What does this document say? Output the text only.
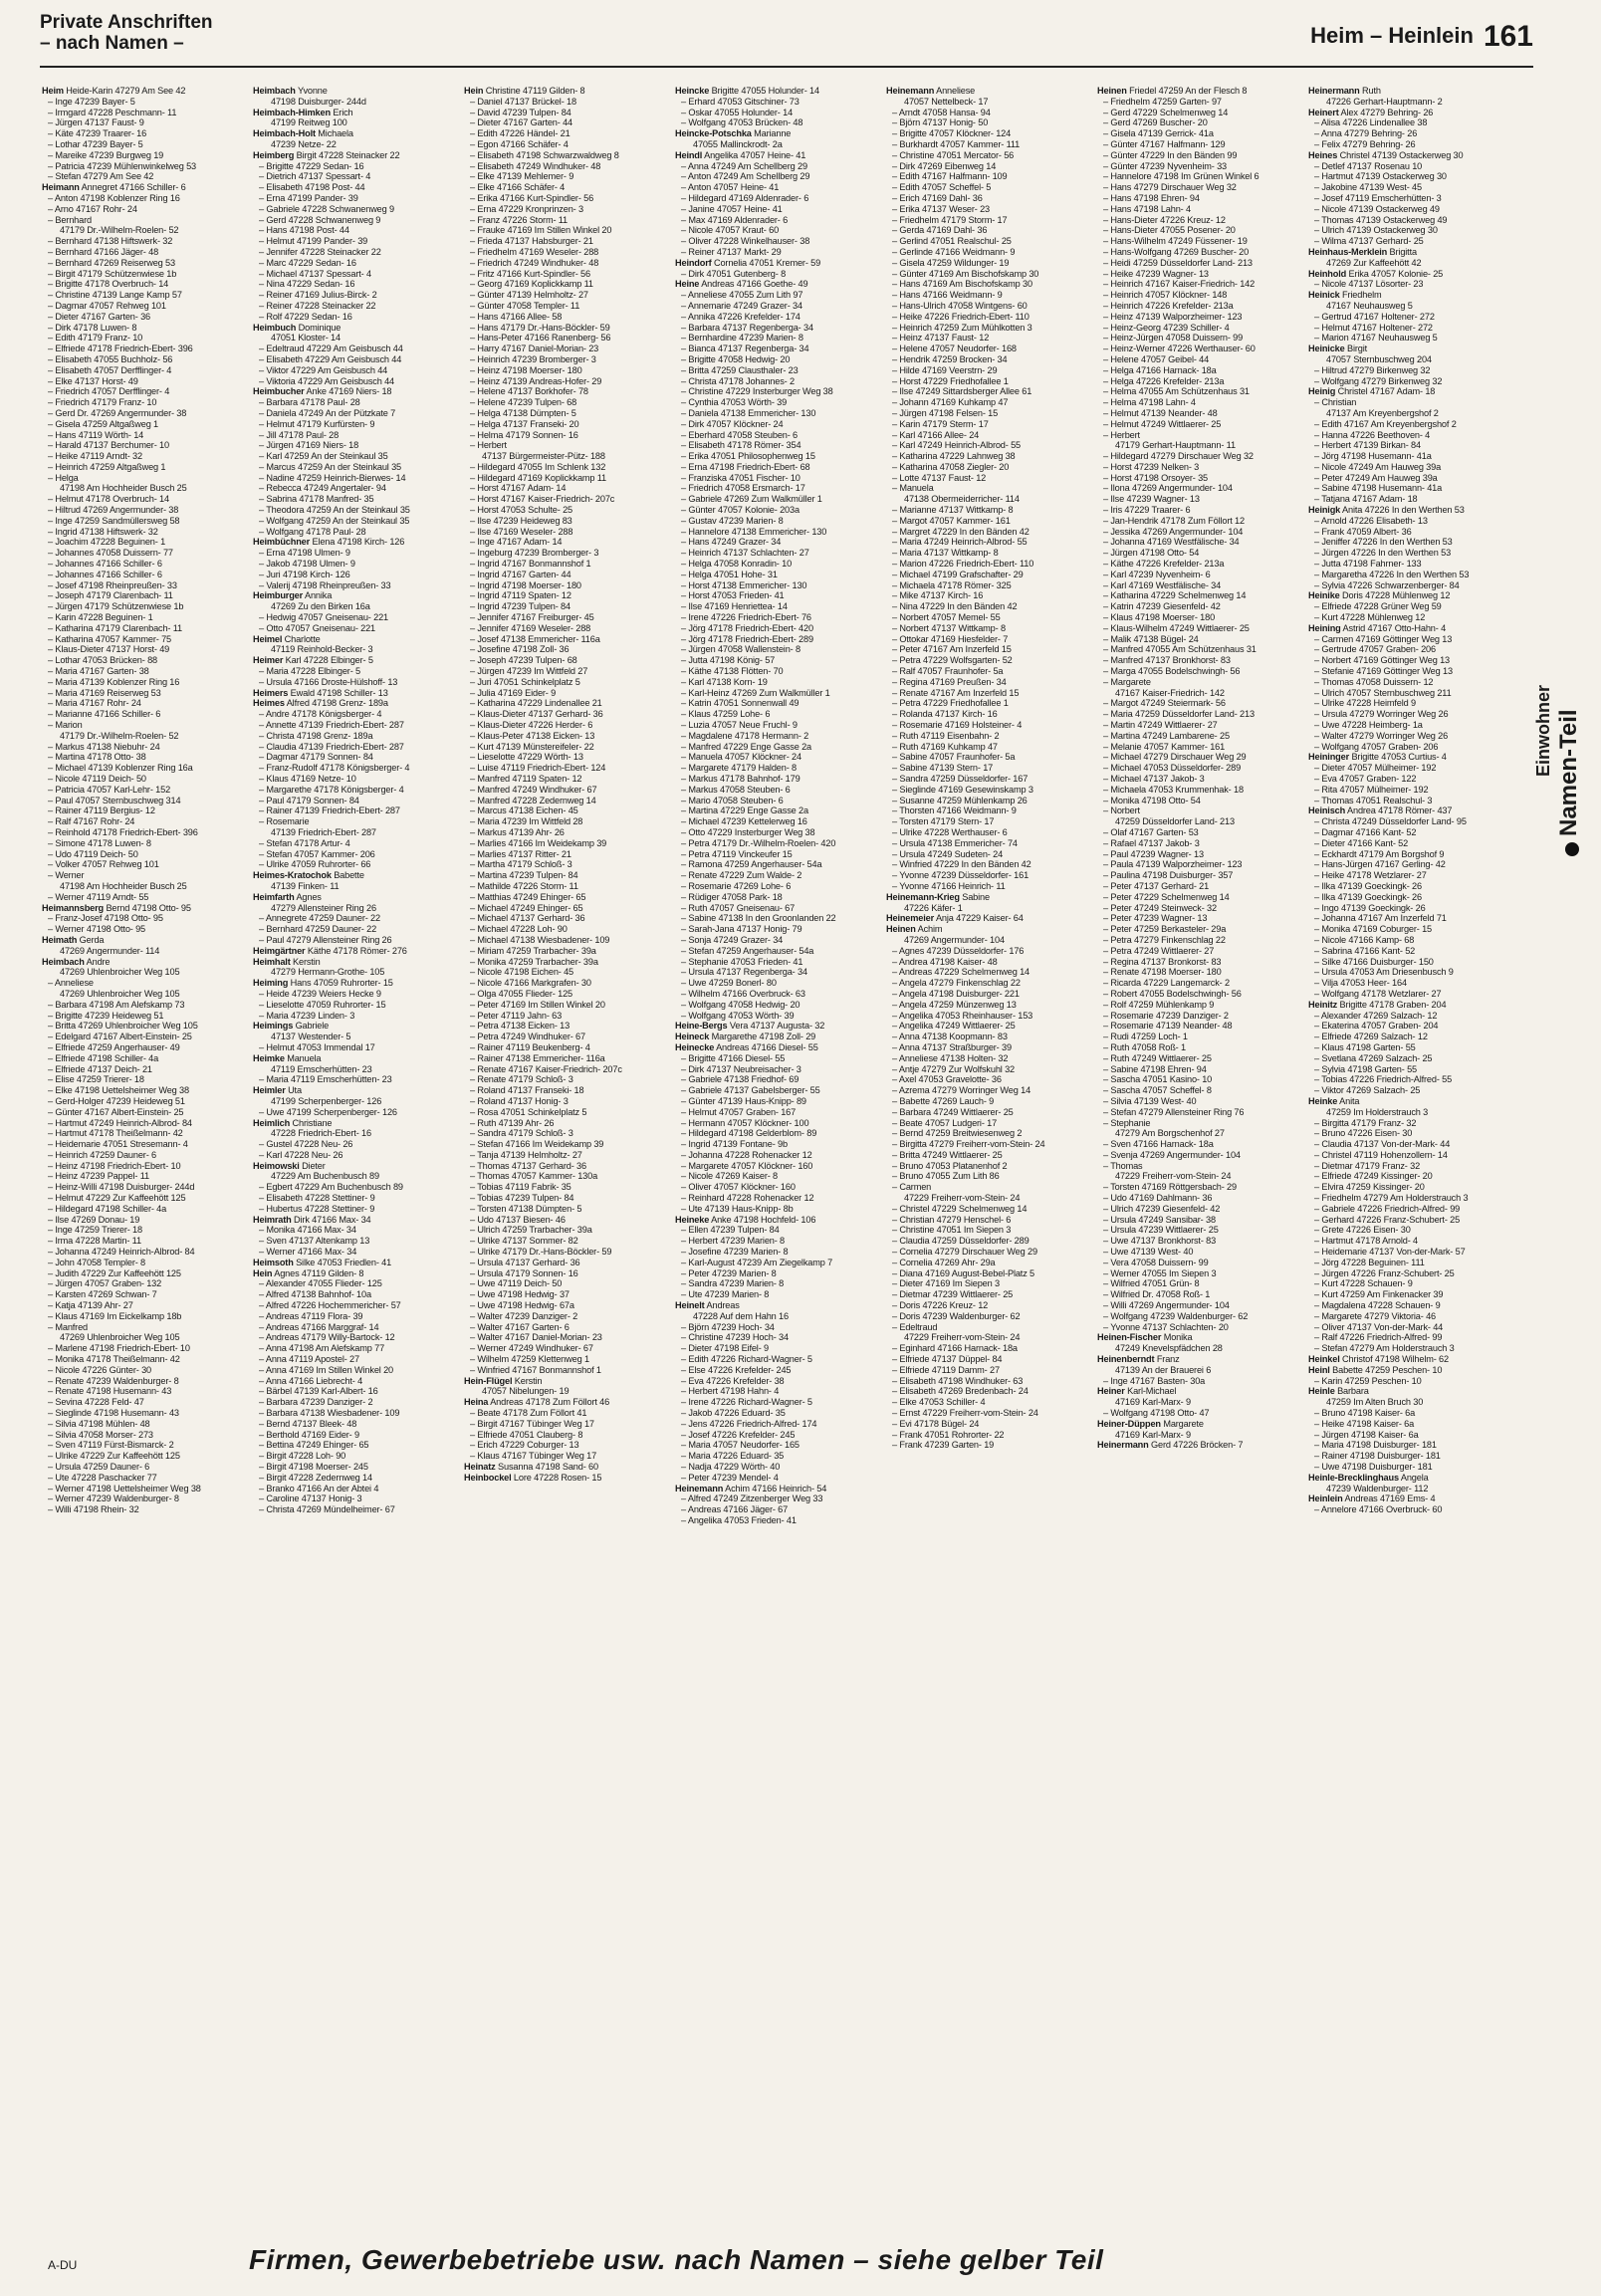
Private Anschriften
– nach Namen –	Heim – Heinlein 161
Heim Heide-Karin 47279 Am See 42
– Inge 47239 Bayer- 5
– Irmgard 47228 Peschmann- 11
– Jürgen 47137 Faust- 9
– Käte 47239 Traarer- 16
– Lothar 47239 Bayer- 5
– Mareike 47239 Burgweg 19
– Patricia 47239 Mühlenwinkelweg 53
– Stefan 47279 Am See 42
Heimann Annegret 47166 Schiller- 6
– Anton 47198 Koblenzer Ring 16
– Arno 47167 Rohr- 24
– Bernhard
47179 Dr.-Wilhelm-Roelen- 52
– Bernhard 47138 Hiftswerk- 32
– Bernhard 47166 Jäger- 48
– Bernhard 47269 Reiserweg 53
– Birgit 47179 Schützenwiese 1b
– Brigitte 47178 Overbruch- 14
– Christine 47139 Lange Kamp 57
– Dagmar 47057 Rehweg 101
– Dieter 47167 Garten- 36
– Dirk 47178 Luwen- 8
– Edith 47179 Franz- 10
– Elfriede 47178 Friedrich-Ebert- 396
– Elisabeth 47055 Buchholz- 56
– Elisabeth 47057 Derfflinger- 4
– Elke 47137 Horst- 49
– Friedrich 47057 Derfflinger- 4
– Friedrich 47179 Franz- 10
– Gerd Dr. 47269 Angermunder- 38
– Gisela 47259 Altgaßweg 1
– Hans 47119 Wörth- 14
– Harald 47137 Berchumer- 10
– Heike 47119 Arndt- 32
– Heinrich 47259 Altgaßweg 1
– Helga
47198 Am Hochheider Busch 25
– Helmut 47178 Overbruch- 14
– Hiltrud 47269 Angermunder- 38
– Inge 47259 Sandmüllersweg 58
– Ingrid 47138 Hiftswerk- 32
– Joachim 47228 Beguinen- 1
– Johannes 47058 Duissern- 77
– Johannes 47166 Schiller- 6
– Johannes 47166 Schiller- 6
– Josef 47198 Rheinpreußen- 33
– Joseph 47179 Clarenbach- 11
– Jürgen 47179 Schützenwiese 1b
– Karin 47228 Beguinen- 1
– Katharina 47179 Clarenbach- 11
– Katharina 47057 Kammer- 75
– Klaus-Dieter 47137 Horst- 49
– Lothar 47053 Brücken- 88
– Maria 47167 Garten- 38
– Maria 47139 Koblenzer Ring 16
– Maria 47169 Reiserweg 53
– Maria 47167 Rohr- 24
– Marianne 47166 Schiller- 6
– Marion
47179 Dr.-Wilhelm-Roelen- 52
– Markus 47138 Niebuhr- 24
– Martina 47178 Otto- 38
– Michael 47139 Koblenzer Ring 16a
– Nicole 47119 Deich- 50
– Patricia 47057 Karl-Lehr- 152
– Paul 47057 Sternbuschweg 314
– Rainer 47119 Bergius- 12
– Ralf 47167 Rohr- 24
– Reinhold 47178 Friedrich-Ebert- 396
– Simone 47178 Luwen- 8
– Udo 47119 Deich- 50
– Volker 47057 Rehweg 101
– Werner
47198 Am Hochheider Busch 25
– Werner 47119 Arndt- 55
Heimannsberg Bernd 47198 Otto- 95
– Franz-Josef 47198 Otto- 95
– Werner 47198 Otto- 95
Heimath Gerda
47269 Angermunder- 114
Heimbach Andre
47269 Uhlenbroicher Weg 105
– Anneliese
47269 Uhlenbroicher Weg 105
– Barbara 47198 Am Alefskamp 73
– Brigitte 47239 Heideweg 51
– Britta 47269 Uhlenbroicher Weg 105
– Edelgard 47167 Albert-Einstein- 25
– Elfriede 47259 Angerhauser- 49
– Elfriede 47198 Schiller- 4a
– Elfriede 47137 Deich- 21
– Elise 47259 Trierer- 18
– Elke 47198 Uettelsheimer Weg 38
– Gerd-Holger 47239 Heideweg 51
– Günter 47167 Albert-Einstein- 25
– Hartmut 47249 Heinrich-Albrod- 84
– Hartmut 47178 Theißelmann- 42
– Heidemarie 47051 Stresemann- 4
– Heinrich 47259 Dauner- 6
– Heinz 47198 Friedrich-Ebert- 10
– Heinz 47239 Pappel- 11
– Heinz-Willi 47198 Duisburger- 244d
– Helmut 47229 Zur Kaffeehött 125
– Hildegard 47198 Schiller- 4a
– Ilse 47269 Donau- 19
– Inge 47259 Trierer- 18
– Irma 47228 Martin- 11
– Johanna 47249 Heinrich-Albrod- 84
– John 47058 Templer- 8
– Judith 47229 Zur Kaffeehött 125
– Jürgen 47057 Graben- 132
– Karsten 47269 Schwan- 7
– Katja 47139 Ahr- 27
– Klaus 47169 Im Eickelkamp 18b
– Manfred
47269 Uhlenbroicher Weg 105
– Marlene 47198 Friedrich-Ebert- 10
– Monika 47178 Theißelmann- 42
– Nicole 47226 Günter- 30
– Renate 47239 Waldenburger- 8
– Renate 47198 Husemann- 43
– Sevina 47228 Feld- 47
– Sieglinde 47198 Husemann- 43
– Silvia 47198 Mühlen- 48
– Silvia 47058 Morser- 273
– Sven 47119 Fürst-Bismarck- 2
– Ulrike 47229 Zur Kaffeehött 125
– Ursula 47259 Dauner- 6
– Ute 47228 Paschacker 77
– Werner 47198 Uettelsheimer Weg 38
– Werner 47239 Waldenburger- 8
– Willi 47198 Rhein- 32
Heimbach Yvonne
47198 Duisburger- 244d
Heimbach-Himken Erich
47199 Reitweg 100
Heimbach-Holt Michaela
47239 Netze- 22
Heimberg Birgit 47228 Steinacker 22
– Brigitte 47229 Sedan- 16
– Dietrich 47137 Spessart- 4
– Elisabeth 47198 Post- 44
– Erna 47199 Pander- 39
– Gabriele 47228 Schwanenweg 9
– Gerd 47228 Schwanenweg 9
– Hans 47198 Post- 44
– Helmut 47199 Pander- 39
– Jennifer 47228 Steinacker 22
– Marc 47229 Sedan- 16
– Michael 47137 Spessart- 4
– Nina 47229 Sedan- 16
– Reiner 47169 Julius-Birck- 2
– Reiner 47228 Steinacker 22
– Rolf 47229 Sedan- 16
Heimbuch Dominique
47051 Kloster- 14
– Edeltraud 47229 Am Geisbusch 44
– Elisabeth 47229 Am Geisbusch 44
– Viktor 47229 Am Geisbusch 44
– Viktoria 47229 Am Geisbusch 44
Heimbucher Anke 47169 Niers- 18
– Barbara 47178 Paul- 28
– Daniela 47249 An der Pützkate 7
– Helmut 47179 Kurfürsten- 9
– Jill 47178 Paul- 28
– Jürgen 47169 Niers- 18
– Karl 47259 An der Steinkaul 35
– Marcus 47259 An der Steinkaul 35
– Nadine 47259 Heinrich-Bierwes- 14
– Rebecca 47249 Angertaler- 94
– Sabrina 47178 Manfred- 35
– Theodora 47259 An der Steinkaul 35
– Wolfgang 47259 An der Steinkaul 35
– Wolfgang 47178 Paul- 28
Heimbüchner Elena 47198 Kirch- 126
– Erna 47198 Ulmen- 9
– Jakob 47198 Ulmen- 9
– Juri 47198 Kirch- 126
– Valerij 47198 Rheinpreußen- 33
Heimburger Annika
47269 Zu den Birken 16a
– Hedwig 47057 Gneisenau- 221
– Otto 47057 Gneisenau- 221
Heimel Charlotte
47119 Reinhold-Becker- 3
Heimer Karl 47228 Elbinger- 5
– Maria 47228 Elbinger- 5
– Ursula 47166 Droste-Hülshoff- 13
Heimers Ewald 47198 Schiller- 13
Heimes Alfred 47198 Grenz- 189a
– Andre 47178 Königsberger- 4
– Annette 47139 Friedrich-Ebert- 287
– Christa 47198 Grenz- 189a
– Claudia 47139 Friedrich-Ebert- 287
– Dagmar 47179 Sonnen- 84
– Franz-Rudolf 47178 Königsberger- 4
– Klaus 47169 Netze- 10
– Margarethe 47178 Königsberger- 4
– Paul 47179 Sonnen- 84
– Rainer 47139 Friedrich-Ebert- 287
– Rosemarie
47139 Friedrich-Ebert- 287
– Stefan 47178 Artur- 4
– Stefan 47057 Kammer- 206
– Ulrike 47059 Ruhrorter- 66
Heimes-Kratochok Babette
47139 Finken- 11
Heimfarth Agnes
47279 Allensteiner Ring 26
– Annegrete 47259 Dauner- 22
– Bernhard 47259 Dauner- 22
– Paul 47279 Allensteiner Ring 26
Heimgärtner Käthe 47178 Römer- 276
Heimhalt Kerstin
47279 Hermann-Grothe- 105
Heiming Hans 47059 Ruhrorter- 15
– Heide 47239 Weiers Hecke 9
– Lieselotte 47059 Ruhrorter- 15
– Maria 47239 Linden- 3
Heimings Gabriele
47137 Westender- 5
– Helmut 47053 Immendal 17
Heimke Manuela
47119 Emscherhütten- 23
– Maria 47119 Emscherhütten- 23
Heimler Uta
47199 Scherpenberger- 126
– Uwe 47199 Scherpenberger- 126
Heimlich Christiane
47228 Friedrich-Ebert- 16
– Gustel 47228 Neu- 26
– Karl 47228 Neu- 26
Heimowski Dieter
47229 Am Buchenbusch 89
– Egbert 47229 Am Buchenbusch 89
– Elisabeth 47228 Stettiner- 9
– Hubertus 47228 Stettiner- 9
Heimrath Dirk 47166 Max- 34
– Monika 47166 Max- 34
– Sven 47137 Altenkamp 13
– Werner 47166 Max- 34
Heimsoth Silke 47053 Friedlen- 41
Hein Agnes 47119 Gilden- 8
– Alexander 47055 Flieder- 125
– Alfred 47138 Bahnhof- 10a
– Alfred 47226 Hochemmericher- 57
– Andreas 47119 Flora- 39
– Andreas 47166 Marggraf- 14
– Andreas 47179 Willy-Bartock- 12
– Anna 47198 Am Alefskamp 77
– Anna 47119 Apostel- 27
– Anna 47169 Im Stillen Winkel 20
– Anna 47166 Liebrecht- 4
– Bärbel 47139 Karl-Albert- 16
– Barbara 47239 Danziger- 2
– Barbara 47138 Wiesbadener- 109
– Bernd 47137 Bleek- 48
– Berthold 47169 Eider- 9
– Bettina 47249 Ehinger- 65
– Birgit 47228 Loh- 90
– Birgit 47198 Moerser- 245
– Birgit 47228 Zedernweg 14
– Branko 47166 An der Abtei 4
– Caroline 47137 Honig- 3
– Christa 47269 Mündelheimer- 67
Hein Christine 47119 Gilden- 8
– Daniel 47137 Brückel- 18
– David 47239 Tulpen- 84
– Dieter 47167 Garten- 44
– Edith 47226 Händel- 21
– Egon 47166 Schäfer- 4
– Elisabeth 47198 Schwarzwaldweg 8
– Elisabeth 47249 Windhuker- 48
– Elke 47139 Mehlemer- 9
– Elke 47166 Schäfer- 4
– Erika 47166 Kurt-Spindler- 56
– Erna 47229 Kronprinzen- 3
– Franz 47226 Storm- 11
– Frauke 47169 Im Stillen Winkel 20
– Frieda 47137 Habsburger- 21
– Friedhelm 47169 Weseler- 288
– Friedrich 47249 Windhuker- 48
– Fritz 47166 Kurt-Spindler- 56
– Georg 47169 Koplickkamp 11
– Günter 47139 Helmholtz- 27
– Günter 47058 Templer- 11
– Hans 47166 Allee- 58
– Hans 47179 Dr.-Hans-Böckler- 59
– Hans-Peter 47166 Ranenberg- 56
– Harry 47167 Daniel-Morian- 23
– Heinrich 47239 Bromberger- 3
– Heinz 47198 Moerser- 180
– Heinz 47139 Andreas-Hofer- 29
– Helene 47137 Borkhofer- 78
– Helene 47239 Tulpen- 68
– Helga 47138 Dümpten- 5
– Helga 47137 Franseki- 20
– Helma 47179 Sonnen- 16
– Herbert
47137 Bürgermeister-Pütz- 188
– Hildegard 47055 Im Schlenk 132
– Hildegard 47169 Koplickkamp 11
– Horst 47167 Adam- 14
– Horst 47167 Kaiser-Friedrich- 207c
– Horst 47053 Schulte- 25
– Ilse 47239 Heideweg 83
– Ilse 47169 Weseler- 288
– Inge 47167 Adam- 14
– Ingeburg 47239 Bromberger- 3
– Ingrid 47167 Bonmannshof 1
– Ingrid 47167 Garten- 44
– Ingrid 47198 Moerser- 180
– Ingrid 47119 Spaten- 12
– Ingrid 47239 Tulpen- 84
– Jennifer 47167 Freiburger- 45
– Jennifer 47169 Weseler- 288
– Josef 47138 Emmericher- 116a
– Josefine 47198 Zoll- 36
– Joseph 47239 Tulpen- 68
– Jürgen 47239 Im Wittfeld 27
– Juri 47051 Schinkelplatz 5
– Julia 47169 Eider- 9
– Katharina 47229 Lindenallee 21
– Klaus-Dieter 47137 Gerhard- 36
– Klaus-Dieter 47226 Herder- 6
– Klaus-Peter 47138 Eicken- 13
– Kurt 47139 Münstereifeler- 22
– Lieselotte 47229 Wörth- 13
– Luise 47119 Friedrich-Ebert- 124
– Manfred 47119 Spaten- 12
– Manfred 47249 Windhuker- 67
– Manfred 47228 Zedernweg 14
– Marcus 47138 Eichen- 45
– Maria 47239 Im Wittfeld 28
– Markus 47139 Ahr- 26
– Marlies 47166 Im Weidekamp 39
– Marlies 47137 Ritter- 21
– Martha 47179 Schloß- 3
– Martina 47239 Tulpen- 84
– Mathilde 47226 Storm- 11
– Matthias 47249 Ehinger- 65
– Michael 47249 Ehinger- 65
– Michael 47137 Gerhard- 36
– Michael 47228 Loh- 90
– Michael 47138 Wiesbadener- 109
– Miriam 47259 Trarbacher- 39a
– Monika 47259 Trarbacher- 39a
– Nicole 47198 Eichen- 45
– Nicole 47166 Markgrafen- 30
– Olga 47055 Flieder- 125
– Peter 47169 Im Stillen Winkel 20
– Peter 47119 Jahn- 63
– Petra 47138 Eicken- 13
– Petra 47249 Windhuker- 67
– Rainer 47119 Beukenberg- 4
– Rainer 47138 Emmericher- 116a
– Renate 47167 Kaiser-Friedrich- 207c
– Renate 47179 Schloß- 3
– Roland 47137 Franseki- 18
– Roland 47137 Honig- 3
– Rosa 47051 Schinkelplatz 5
– Ruth 47139 Ahr- 26
– Sandra 47179 Schloß- 3
– Stefan 47166 Im Weidekamp 39
– Tanja 47139 Helmholtz- 27
– Thomas 47137 Gerhard- 36
– Thomas 47057 Kammer- 130a
– Tobias 47119 Fabrik- 35
– Tobias 47239 Tulpen- 84
– Torsten 47138 Dümpten- 5
– Udo 47137 Biesen- 46
– Ulrich 47259 Trarbacher- 39a
– Ulrike 47137 Sommer- 82
– Ulrike 47179 Dr.-Hans-Böckler- 59
– Ursula 47137 Gerhard- 36
– Ursula 47179 Sonnen- 16
– Uwe 47119 Deich- 50
– Uwe 47198 Hedwig- 37
– Uwe 47198 Hedwig- 67a
– Walter 47239 Danziger- 2
– Walter 47167 Garten- 6
– Walter 47167 Daniel-Morian- 23
– Werner 47249 Windhuker- 67
– Wilhelm 47259 Klettenweg 1
– Winfried 47167 Bonmannshof 1
Hein-Flügel Kerstin
47057 Nibelungen- 19
Heina Andreas 47178 Zum Föllort 46
– Beate 47178 Zum Föllort 41
– Birgit 47167 Tübinger Weg 17
– Elfriede 47051 Clauberg- 8
– Erich 47229 Coburger- 13
– Klaus 47167 Tübinger Weg 17
Heinatz Susanna 47198 Sand- 60
Heinbockel Lore 47228 Rosen- 15
Heincke Brigitte 47055 Holunder- 14
– Erhard 47053 Gitschiner- 73
– Oskar 47055 Holunder- 14
– Wolfgang 47053 Brücken- 48
Heincke-Potschka Marianne
47055 Mallinckrodt- 2a
Heindl Angelika 47057 Heine- 41
– Anna 47249 Am Schellberg 29
– Anton 47249 Am Schellberg 29
– Anton 47057 Heine- 41
– Hildegard 47169 Aldenrader- 6
– Janine 47057 Heine- 41
– Max 47169 Aldenrader- 6
– Nicole 47057 Kraut- 60
– Oliver 47228 Winkelhauser- 38
– Reiner 47137 Markt- 29
Heindorf Cornelia 47051 Kremer- 59
– Dirk 47051 Gutenberg- 8
Heine Andreas 47166 Goethe- 49
– Anneliese 47055 Zum Lith 97
– Annemarie 47249 Grazer- 34
– Annika 47226 Krefelder- 174
– Barbara 47137 Regenberga- 34
– Bernhardine 47239 Marien- 8
– Bianca 47137 Regenberga- 34
– Brigitte 47058 Hedwig- 20
– Britta 47259 Clausthaler- 23
– Christa 47178 Johannes- 2
– Christine 47229 Insterburger Weg 38
– Cynthia 47053 Wörth- 39
– Daniela 47138 Emmericher- 130
– Dirk 47057 Klöckner- 24
– Eberhard 47058 Steuben- 6
– Elisabeth 47178 Römer- 354
– Erika 47051 Philosophenweg 15
– Erna 47198 Friedrich-Ebert- 68
– Franziska 47051 Fischer- 10
– Friedrich 47058 Ersmarch- 17
– Gabriele 47269 Zum Walkmüller 1
– Günter 47057 Kolonie- 203a
– Gustav 47239 Marien- 8
– Hannelore 47138 Emmericher- 130
– Hans 47249 Grazer- 34
– Heinrich 47137 Schlachten- 27
– Helga 47058 Konradin- 10
– Helga 47051 Hohe- 31
– Horst 47138 Emmericher- 130
– Horst 47053 Frieden- 41
– Ilse 47169 Henriettea- 14
– Irene 47226 Friedrich-Ebert- 76
– Jörg 47178 Friedrich-Ebert- 420
– Jörg 47178 Friedrich-Ebert- 289
– Jürgen 47058 Wallenstein- 8
– Jutta 47198 König- 57
– Käthe 47138 Flötten- 70
– Karl 47138 Korn- 19
– Karl-Heinz 47269 Zum Walkmüller 1
– Katrin 47051 Sonnenwall 49
– Klaus 47259 Lohe- 6
– Luzia 47057 Neue Fruchl- 9
– Magdalene 47178 Hermann- 2
– Manfred 47229 Enge Gasse 2a
– Manuela 47057 Klöckner- 24
– Margarete 47179 Halden- 8
– Markus 47178 Bahnhof- 179
– Markus 47058 Steuben- 6
– Mario 47058 Steuben- 6
– Martina 47229 Enge Gasse 2a
– Michael 47239 Kettelerweg 16
– Otto 47229 Insterburger Weg 38
– Petra 47179 Dr.-Wilhelm-Roelen- 420
– Petra 47119 Vinckeufer 15
– Ramona 47259 Angerhauser- 54a
– Renate 47229 Zum Walde- 2
– Rosemarie 47269 Lohe- 6
– Rüdiger 47058 Park- 18
– Ruth 47057 Gneisenau- 67
– Sabine 47138 In den Groonlanden 22
– Sarah-Jana 47137 Honig- 79
– Sonja 47249 Grazer- 34
– Stefan 47259 Angerhauser- 54a
– Stephanie 47053 Frieden- 41
– Ursula 47137 Regenberga- 34
– Uwe 47259 Bonerl- 80
– Wilhelm 47166 Overbruck- 63
– Wolfgang 47058 Hedwig- 20
– Wolfgang 47053 Wörth- 39
Heine-Bergs Vera 47137 Augusta- 32
Heineck Margarethe 47198 Zoll- 29
Heinecke Andreas 47166 Diesel- 55
– Brigitte 47166 Diesel- 55
– Dirk 47137 Neubreisacher- 3
– Gabriele 47138 Friedhof- 69
– Gabriele 47137 Gabelsberger- 55
– Günter 47139 Haus-Knipp- 89
– Helmut 47057 Graben- 167
– Hermann 47057 Klöckner- 100
– Hildegard 47198 Gelderblom- 89
– Ingrid 47139 Fontane- 9b
– Johanna 47228 Rohenacker 12
– Margarete 47057 Klöckner- 160
– Nicole 47269 Kaiser- 8
– Oliver 47057 Klöckner- 160
– Reinhard 47228 Rohenacker 12
– Ute 47139 Haus-Knipp- 8b
Heineke Anke 47198 Hochfeld- 106
– Ellen 47239 Tulpen- 84
– Herbert 47239 Marien- 8
– Josefine 47239 Marien- 8
– Karl-August 47239 Am Ziegelkamp 7
– Peter 47239 Marien- 8
– Sandra 47239 Marien- 8
– Ute 47239 Marien- 8
Heinelt Andreas
47228 Auf dem Hahn 16
– Björn 47239 Hoch- 34
– Christine 47239 Hoch- 34
– Dieter 47198 Eifel- 9
– Edith 47226 Richard-Wagner- 5
– Else 47226 Krefelder- 245
– Eva 47226 Krefelder- 38
– Herbert 47198 Hahn- 4
– Irene 47226 Richard-Wagner- 5
– Jakob 47226 Eduard- 35
– Jens 47226 Friedrich-Alfred- 174
– Josef 47226 Krefelder- 245
– Maria 47057 Neudorfer- 165
– Maria 47226 Eduard- 35
– Nadja 47229 Wörth- 40
– Peter 47239 Mendel- 4
Heinemann Achim 47166 Heinrich- 54
– Alfred 47249 Zitzenberger Weg 33
– Andreas 47166 Jäger- 67
– Angelika 47053 Frieden- 41
Heinemann Anneliese
47057 Nettelbeck- 17
– Arndt 47058 Hansa- 94
– Björn 47137 Honig- 50
– Brigitte 47057 Klöckner- 124
– Burkhardt 47057 Kammer- 111
– Christine 47051 Mercator- 56
– Dirk 47269 Eibenweg 14
– Edith 47167 Halfmann- 109
– Edith 47057 Scheffel- 5
– Erich 47169 Dahl- 36
– Erika 47137 Weser- 23
– Friedhelm 47179 Storm- 17
– Gerda 47169 Dahl- 36
– Gerlind 47051 Realschul- 25
– Gerlinde 47166 Weidmann- 9
– Gisela 47259 Wildunger- 19
– Günter 47169 Am Bischofskamp 30
– Hans 47169 Am Bischofskamp 30
– Hans 47166 Weidmann- 9
– Hans-Ulrich 47058 Wintgens- 60
– Heike 47226 Friedrich-Ebert- 110
– Heinrich 47259 Zum Mühlkotten 3
– Heinz 47137 Faust- 12
– Helene 47057 Neudorfer- 168
– Hendrik 47259 Brocken- 34
– Hilde 47169 Veerstrn- 29
– Horst 47229 Friedhofallee 1
– Ilse 47249 Sittardsberger Allee 61
– Johann 47169 Kuhkamp 47
– Jürgen 47198 Felsen- 15
– Karin 47179 Sterm- 17
– Karl 47166 Allee- 24
– Karl 47249 Heinrich-Albrod- 55
– Katharina 47229 Lahnweg 38
– Katharina 47058 Ziegler- 20
– Lotte 47137 Faust- 12
– Manuela
47138 Obermeiderricher- 114
– Marianne 47137 Wittkamp- 8
– Margot 47057 Kammer- 161
– Margret 47229 In den Bänden 42
– Maria 47249 Heinrich-Albrod- 55
– Maria 47137 Wittkamp- 8
– Marion 47226 Friedrich-Ebert- 110
– Michael 47199 Grafschafter- 29
– Michaela 47178 Römer- 325
– Mike 47137 Kirch- 16
– Nina 47229 In den Bänden 42
– Norbert 47057 Memel- 55
– Norbert 47137 Wittkamp- 8
– Ottokar 47169 Hiesfelder- 7
– Peter 47167 Am Inzerfeld 15
– Petra 47229 Wolfsgarten- 52
– Ralf 47057 Fraunhofer- 5a
– Regina 47169 Preußen- 34
– Renate 47167 Am Inzerfeld 15
– Petra 47229 Friedhofallee 1
– Rolanda 47137 Kirch- 16
– Rosemarie 47169 Holsteiner- 4
– Ruth 47119 Eisenbahn- 2
– Ruth 47169 Kuhkamp 47
– Sabine 47057 Fraunhofer- 5a
– Sabine 47139 Stern- 17
– Sandra 47259 Düsseldorfer- 167
– Sieglinde 47169 Gesewinskamp 3
– Susanne 47259 Mühlenkamp 26
– Thorsten 47166 Weidmann- 9
– Torsten 47179 Stern- 17
– Ulrike 47228 Werthauser- 6
– Ursula 47138 Emmericher- 74
– Ursula 47249 Sudeten- 24
– Winfried 47229 In den Bänden 42
– Yvonne 47239 Düsseldorfer- 161
– Yvonne 47166 Heinrich- 11
Heinemann-Krieg Sabine
47226 Käfer- 1
Heinemeier Anja 47229 Kaiser- 64
Heinen Achim
47269 Angermunder- 104
– Agnes 47239 Düsseldorfer- 176
– Andrea 47198 Kaiser- 48
– Andreas 47229 Schelmenweg 14
– Angela 47279 Finkenschlag 22
– Angela 47198 Duisburger- 221
– Angela 47259 Münzenweg 13
– Angelika 47053 Rheinhauser- 153
– Angelika 47249 Wittlaerer- 25
– Anna 47138 Koopmann- 83
– Anna 47137 Straßburger- 39
– Anneliese 47138 Holten- 32
– Antje 47279 Zur Wolfskuhl 32
– Axel 47053 Gravelotte- 36
– Azrema 47279 Worringer Weg 14
– Babette 47269 Lauch- 9
– Barbara 47249 Wittlaerer- 25
– Beate 47057 Ludgeri- 17
– Bernd 47259 Breitwiesenweg 2
– Birgitta 47279 Freiherr-vom-Stein- 24
– Britta 47249 Wittlaerer- 25
– Bruno 47053 Platanenhof 2
– Bruno 47055 Zum Lith 86
– Carmen
47229 Freiherr-vom-Stein- 24
– Christel 47229 Schelmenweg 14
– Christian 47279 Henschel- 6
– Christine 47051 Im Siepen 3
– Claudia 47259 Düsseldorfer- 289
– Cornelia 47279 Dirschauer Weg 29
– Cornelia 47269 Ahr- 29a
– Diana 47169 August-Bebel-Platz 5
– Dieter 47169 Im Siepen 3
– Dietmar 47239 Wittlaerer- 25
– Doris 47226 Kreuz- 12
– Doris 47239 Waldenburger- 62
– Edeltraud
47229 Freiherr-vom-Stein- 24
– Eginhard 47166 Harnack- 18a
– Elfriede 47137 Düppel- 84
– Elfriede 47119 Damm- 27
– Elisabeth 47198 Windhuker- 63
– Elisabeth 47269 Bredenbach- 24
– Elke 47053 Schiller- 4
– Ernst 47229 Freiherr-vom-Stein- 24
– Evi 47178 Bügel- 24
– Frank 47051 Rohrorter- 22
– Frank 47239 Garten- 19
Heinen Friedel 47259 An der Flesch 8
– Friedhelm 47259 Garten- 97
– Gerd 47229 Schelmenweg 14
– Gerd 47269 Buscher- 20
– Gisela 47139 Gerrick- 41a
– Günter 47167 Halfmann- 129
– Günter 47229 In den Bänden 99
– Günter 47239 Nyvenheim- 33
– Hannelore 47198 Im Grünen Winkel 6
– Hans 47279 Dirschauer Weg 32
– Hans 47198 Ehren- 94
– Hans 47198 Lahn- 4
– Hans-Dieter 47226 Kreuz- 12
– Hans-Dieter 47055 Posener- 20
– Hans-Wilhelm 47249 Füssener- 19
– Hans-Wolfgang 47269 Buscher- 20
– Heidi 47259 Düsseldorfer Land- 213
– Heike 47239 Wagner- 13
– Heinrich 47167 Kaiser-Friedrich- 142
– Heinrich 47057 Klöckner- 148
– Heinrich 47226 Krefelder- 213a
– Heinz 47139 Walporzheimer- 123
– Heinz-Georg 47239 Schiller- 4
– Heinz-Jürgen 47058 Duissern- 99
– Heinz-Werner 47226 Werthauser- 60
– Helene 47057 Geibel- 44
– Helga 47166 Harnack- 18a
– Helga 47226 Krefelder- 213a
– Helma 47055 Am Schützenhaus 31
– Helma 47198 Lahn- 4
– Helmut 47139 Neander- 48
– Helmut 47249 Wittlaerer- 25
– Herbert
47179 Gerhart-Hauptmann- 11
– Hildegard 47279 Dirschauer Weg 32
– Horst 47239 Nelken- 3
– Horst 47198 Orsoyer- 35
– Ilona 47269 Angermunder- 104
– Ilse 47239 Wagner- 13
– Iris 47229 Traarer- 6
– Jan-Hendrik 47178 Zum Föllort 12
– Jessika 47269 Angermunder- 104
– Johanna 47169 Westfälische- 34
– Jürgen 47198 Otto- 54
– Käthe 47226 Krefelder- 213a
– Karl 47239 Nyvenheim- 6
– Karl 47169 Westfälische- 34
– Katharina 47229 Schelmenweg 14
– Katrin 47239 Giesenfeld- 42
– Klaus 47198 Moerser- 180
– Klaus-Wilhelm 47249 Wittlaerer- 25
– Malik 47138 Bügel- 24
– Manfred 47055 Am Schützenhaus 31
– Manfred 47137 Bronkhorst- 83
– Marga 47055 Bodelschwingh- 56
– Margarete
47167 Kaiser-Friedrich- 142
– Margot 47249 Steiermark- 56
– Maria 47259 Düsseldorfer Land- 213
– Martin 47249 Wittlaerer- 27
– Martina 47249 Lambarene- 25
– Melanie 47057 Kammer- 161
– Michael 47279 Dirschauer Weg 29
– Michael 47053 Düsseldorfer- 289
– Michael 47137 Jakob- 3
– Michaela 47053 Krummenhak- 18
– Monika 47198 Otto- 54
– Norbert
47259 Düsseldorfer Land- 213
– Olaf 47167 Garten- 53
– Rafael 47137 Jakob- 3
– Paul 47239 Wagner- 13
– Paula 47139 Walporzheimer- 123
– Paulina 47198 Duisburger- 357
– Peter 47137 Gerhard- 21
– Peter 47229 Schelmenweg 14
– Peter 47249 Steinweck- 32
– Peter 47239 Wagner- 13
– Peter 47259 Berkasteler- 29a
– Petra 47279 Finkenschlag 22
– Petra 47249 Wittlaerer- 27
– Regina 47137 Bronkorst- 83
– Renate 47198 Moerser- 180
– Ricarda 47229 Langemarck- 2
– Robert 47055 Bodelschwingh- 56
– Rolf 47259 Mühlenkamp 9
– Rosemarie 47239 Danziger- 2
– Rosemarie 47139 Neander- 48
– Rudi 47259 Loch- 1
– Ruth 47058 Roß- 1
– Ruth 47249 Wittlaerer- 25
– Sabine 47198 Ehren- 94
– Sascha 47051 Kasino- 10
– Sascha 47057 Scheffel- 8
– Silvia 47139 West- 40
– Stefan 47279 Allensteiner Ring 76
– Stephanie
47279 Am Borgschenhof 27
– Sven 47166 Harnack- 18a
– Svenja 47269 Angermunder- 104
– Thomas
47229 Freiherr-vom-Stein- 24
– Torsten 47169 Röttgersbach- 29
– Udo 47169 Dahlmann- 36
– Ulrich 47239 Giesenfeld- 42
– Ursula 47249 Sansibar- 38
– Ursula 47239 Wittlaerer- 25
– Uwe 47137 Bronkhorst- 83
– Uwe 47139 West- 40
– Vera 47058 Duissern- 99
– Werner 47055 Im Siepen 3
– Wilfried 47051 Grün- 8
– Wilfried Dr. 47058 Roß- 1
– Willi 47269 Angermunder- 104
– Wolfgang 47239 Waldenburger- 62
– Yvonne 47137 Schlachten- 20
Heinen-Fischer Monika
47249 Knevelspfädchen 28
Heinenberndt Franz
47139 An der Brauerei 6
– Inge 47167 Basten- 30a
Heiner Karl-Michael
47169 Karl-Marx- 9
– Wolfgang 47198 Otto- 47
Heiner-Düppen Margarete
47169 Karl-Marx- 9
Heinermann Gerd 47226 Bröcken- 7
Heinermann Ruth
47226 Gerhart-Hauptmann- 2
Heinert Alex 47279 Behring- 26
– Alisa 47226 Lindenallee 38
– Anna 47279 Behring- 26
– Felix 47279 Behring- 26
Heines Christel 47139 Ostackerweg 30
– Detlef 47137 Rosenau 10
– Hartmut 47139 Ostackerweg 30
– Jakobine 47139 West- 45
– Josef 47119 Emscherhütten- 3
– Nicole 47139 Ostackerweg 49
– Thomas 47139 Ostackerweg 49
– Ulrich 47139 Ostackerweg 30
– Wilma 47137 Gerhard- 25
Heinhaus-Merklein Brigitta
47269 Zur Kaffeehött 42
Heinhold Erika 47057 Kolonie- 25
– Nicole 47137 Lösorter- 23
Heinick Friedhelm
47167 Neuhausweg 5
– Gertrud 47167 Holtener- 272
– Helmut 47167 Holtener- 272
– Marion 47167 Neuhausweg 5
Heinicke Birgit
47057 Sternbuschweg 204
– Hiltrud 47279 Birkenweg 32
– Wolfgang 47279 Birkenweg 32
Heinig Christel 47167 Adam- 18
– Christian
47137 Am Kreyenbergshof 2
– Edith 47167 Am Kreyenbergshof 2
– Hanna 47226 Beethoven- 4
– Herbert 47139 Birkan- 84
– Jörg 47198 Husemann- 41a
– Nicole 47249 Am Hauweg 39a
– Peter 47249 Am Hauweg 39a
– Sabine 47198 Husemann- 41a
– Tatjana 47167 Adam- 18
Heinigk Anita 47226 In den Werthen 53
– Arnold 47226 Elisabeth- 13
– Frank 47059 Albert- 36
– Jeniffer 47226 In den Werthen 53
– Jürgen 47226 In den Werthen 53
– Jutta 47198 Fahrner- 133
– Margaretha 47226 In den Werthen 53
– Sylvia 47226 Schwarzenberger- 84
Heinike Doris 47228 Mühlenweg 12
– Elfriede 47228 Grüner Weg 59
– Kurt 47228 Mühlenweg 12
Heining Astrid 47167 Otto-Hahn- 4
– Carmen 47169 Göttinger Weg 13
– Gertrude 47057 Graben- 206
– Norbert 47169 Göttinger Weg 13
– Stefanie 47169 Göttinger Weg 13
– Thomas 47058 Duissern- 12
– Ulrich 47057 Sternbuschweg 211
– Ulrike 47228 Heimfeld 9
– Ursula 47279 Worringer Weg 26
– Uwe 47228 Heimberg- 1a
– Walter 47279 Worringer Weg 26
– Wolfgang 47057 Graben- 206
Heininger Brigitte 47053 Curtius- 4
– Dieter 47057 Mülheimer- 192
– Eva 47057 Graben- 122
– Rita 47057 Mülheimer- 192
– Thomas 47051 Realschul- 3
Heinisch Andrea 47178 Römer- 437
– Christa 47249 Düsseldorfer Land- 95
– Dagmar 47166 Kant- 52
– Dieter 47166 Kant- 52
– Eckhardt 47179 Am Borgshof 9
– Hans-Jürgen 47167 Gerling- 42
– Heike 47178 Wetzlarer- 27
– Ilka 47139 Goeckingk- 26
– Ilka 47139 Goeckingk- 26
– Ingo 47139 Goeckingk- 26
– Johanna 47167 Am Inzerfeld 71
– Monika 47169 Coburger- 15
– Nicole 47166 Kamp- 68
– Sabrina 47166 Kant- 52
– Silke 47166 Duisburger- 150
– Ursula 47053 Am Driesenbusch 9
– Vilja 47053 Heer- 164
– Wolfgang 47178 Wetzlarer- 27
Heinitz Brigitte 47178 Graben- 204
– Alexander 47269 Salzach- 12
– Ekaterina 47057 Graben- 204
– Elfriede 47269 Salzach- 12
– Klaus 47198 Garten- 55
– Svetlana 47269 Salzach- 25
– Sylvia 47198 Garten- 55
– Tobias 47226 Friedrich-Alfred- 55
– Viktor 47269 Salzach- 25
Heinke Anita
47259 Im Holderstrauch 3
– Birgitta 47179 Franz- 32
– Bruno 47226 Eisen- 30
– Claudia 47137 Von-der-Mark- 44
– Christel 47119 Hohenzollern- 14
– Dietmar 47179 Franz- 32
– Elfriede 47249 Kissinger- 20
– Elvira 47259 Kissinger- 20
– Friedhelm 47279 Am Holderstrauch 3
– Gabriele 47226 Friedrich-Alfred- 99
– Gerhard 47226 Franz-Schubert- 25
– Grete 47226 Eisen- 30
– Hartmut 47178 Arnold- 4
– Heidemarie 47137 Von-der-Mark- 57
– Jörg 47228 Beguinen- 111
– Jürgen 47226 Franz-Schubert- 25
– Kurt 47228 Schauen- 9
– Kurt 47259 Am Finkenacker 39
– Magdalena 47228 Schauen- 9
– Margarete 47279 Viktoria- 46
– Oliver 47137 Von-der-Mark- 44
– Ralf 47226 Friedrich-Alfred- 99
– Stefan 47279 Am Holderstrauch 3
Heinkel Christof 47198 Wilhelm- 62
Heinl Babette 47259 Peschen- 10
– Karin 47259 Peschen- 10
Heinle Barbara
47259 Im Alten Bruch 30
– Bruno 47198 Kaiser- 6a
– Heike 47198 Kaiser- 6a
– Jürgen 47198 Kaiser- 6a
– Maria 47198 Duisburger- 181
– Rainer 47198 Duisburger- 181
– Uwe 47198 Duisburger- 181
Heinle-Brecklinghaus Angela
47239 Waldenburger- 112
Heinlein Andreas 47169 Ems- 4
– Annelore 47166 Overbruck- 60
Einwohner Namen-Teil
A-DU	Firmen, Gewerbebetriebe usw. nach Namen – siehe gelber Teil
